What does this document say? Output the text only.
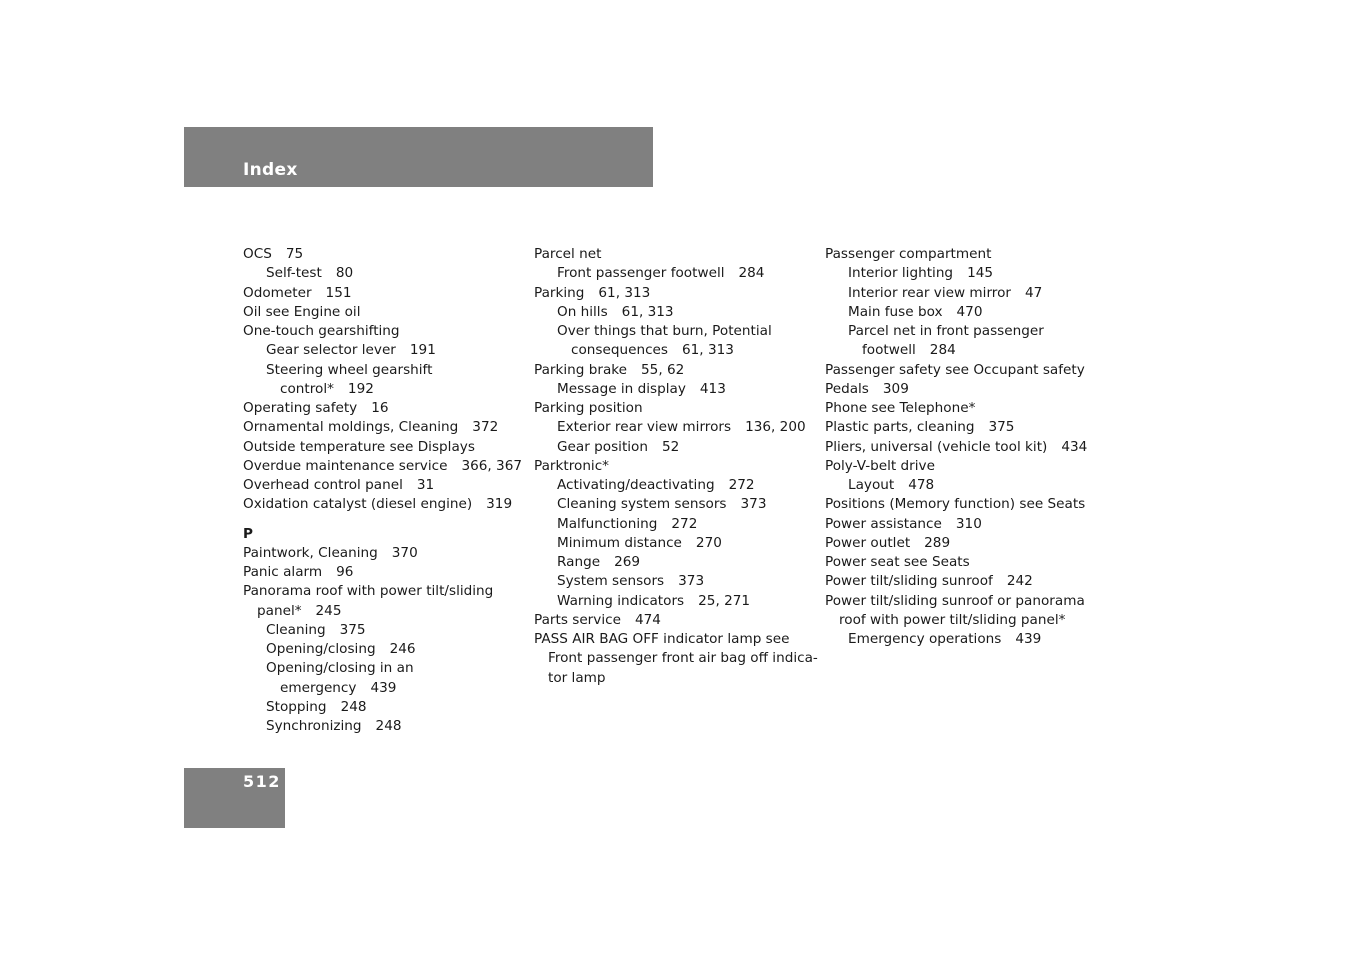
Index
OCS 75
Self-test 80
Odometer 151
Oil see Engine oil
One-touch gearshifting
Gear selector lever 191
Steering wheel gearshift
control* 192
Operating safety 16
Ornamental moldings, Cleaning 372
Outside temperature see Displays
Overdue maintenance service 366, 367
Overhead control panel 31
Oxidation catalyst (diesel engine) 319
P
Paintwork, Cleaning 370
Panic alarm 96
Panorama roof with power tilt/sliding
panel* 245
Cleaning 375
Opening/closing 246
Opening/closing in an
emergency 439
Stopping 248
Synchronizing 248
Parcel net
Front passenger footwell 284
Parking 61, 313
On hills 61, 313
Over things that burn, Potential
consequences 61, 313
Parking brake 55, 62
Message in display 413
Parking position
Exterior rear view mirrors 136, 200
Gear position 52
Parktronic*
Activating/deactivating 272
Cleaning system sensors 373
Malfunctioning 272
Minimum distance 270
Range 269
System sensors 373
Warning indicators 25, 271
Parts service 474
PASS AIR BAG OFF indicator lamp see
Front passenger front air bag off indica-
tor lamp
Passenger compartment
Interior lighting 145
Interior rear view mirror 47
Main fuse box 470
Parcel net in front passenger
footwell 284
Passenger safety see Occupant safety
Pedals 309
Phone see Telephone*
Plastic parts, cleaning 375
Pliers, universal (vehicle tool kit) 434
Poly-V-belt drive
Layout 478
Positions (Memory function) see Seats
Power assistance 310
Power outlet 289
Power seat see Seats
Power tilt/sliding sunroof 242
Power tilt/sliding sunroof or panorama
roof with power tilt/sliding panel*
Emergency operations 439
512
